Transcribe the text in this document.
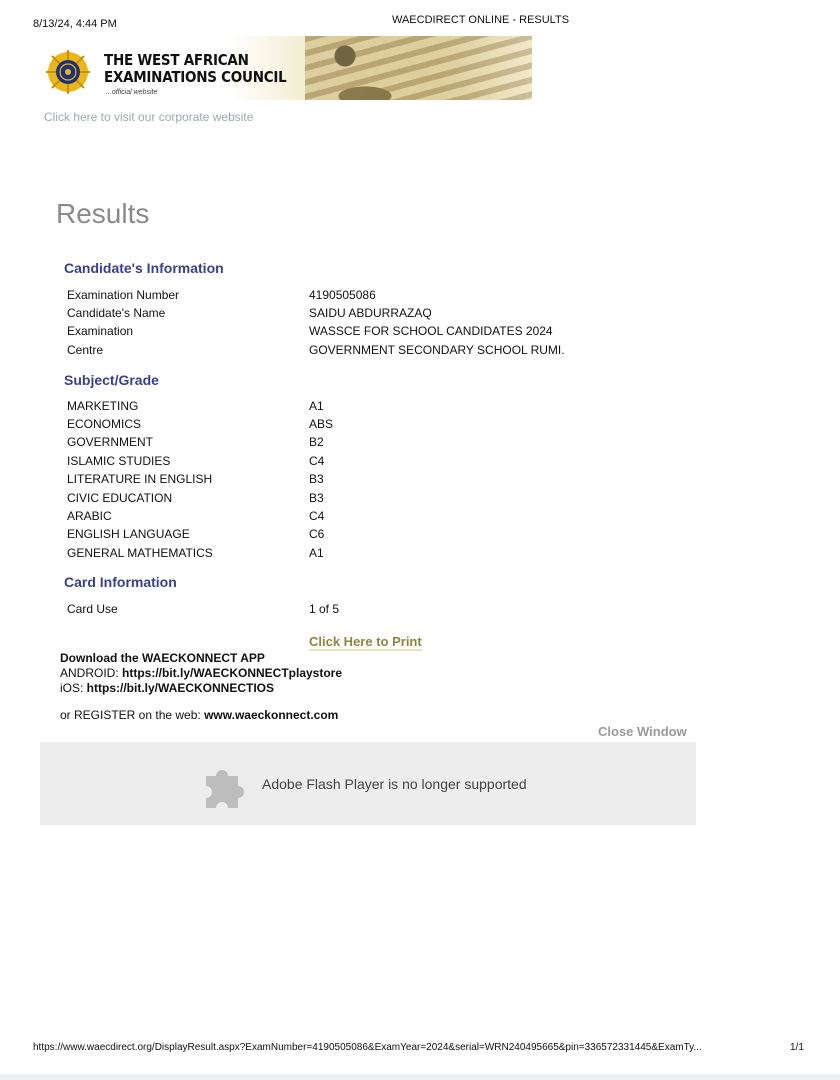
8/13/24, 4:44 PM	WAECDIRECT ONLINE - RESULTS
THE WEST AFRICAN
EXAMINATIONS COUNCIL
...official website
Click here to visit our corporate website
Results
Candidate's Information
Examination Number	4190505086
Candidate's Name	SAIDU ABDURRAZAQ
Examination	WASSCE FOR SCHOOL CANDIDATES 2024
Centre	GOVERNMENT SECONDARY SCHOOL RUMI.
Subject/Grade
MARKETING	A1
ECONOMICS	ABS
GOVERNMENT	B2
ISLAMIC STUDIES	C4
LITERATURE IN ENGLISH	B3
CIVIC EDUCATION	B3
ARABIC	C4
ENGLISH LANGUAGE	C6
GENERAL MATHEMATICS	A1
Card Information
Card Use	1 of 5
Click Here to Print
Download the WAECKONNECT APP
ANDROID: https://bit.ly/WAECKONNECTplaystore
iOS: https://bit.ly/WAECKONNECTIOS
or REGISTER on the web: www.waeckonnect.com
Close Window
Adobe Flash Player is no longer supported
https://www.waecdirect.org/DisplayResult.aspx?ExamNumber=4190505086&ExamYear=2024&serial=WRN240495665&pin=336572331445&ExamTy...	1/1
